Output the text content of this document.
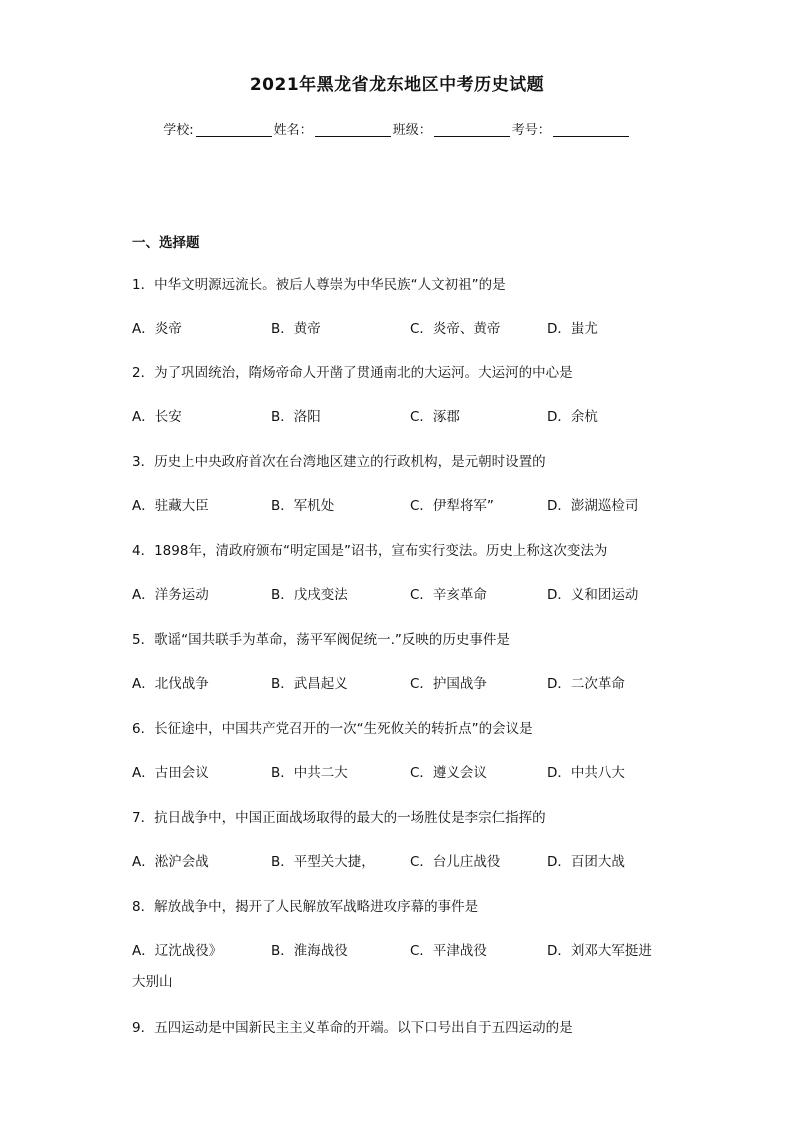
2021年黑龙省龙东地区中考历史试题
学校:	姓名：	班级：	考号：
一、选择题
1．中华文明源远流长。被后人尊崇为中华民族“人文初祖”的是
A．炎帝	B．黄帝	C．炎帝、黄帝	D．蚩尤
2．为了巩固统治，隋炀帝命人开凿了贯通南北的大运河。大运河的中心是
A．长安	B．洛阳	C．涿郡	D．余杭
3．历史上中央政府首次在台湾地区建立的行政机构，是元朝时设置的
A．驻藏大臣	B．军机处	C．伊犁将军”	D．澎湖巡检司
4．1898年，清政府颁布“明定国是”诏书，宣布实行变法。历史上称这次变法为
A．洋务运动	B．戊戌变法	C．辛亥革命	D．义和团运动
5．歌谣“国共联手为革命，荡平军阀促统一.”反映的历史事件是
A．北伐战争	B．武昌起义	C．护国战争	D．二次革命
6．长征途中，中国共产党召开的一次“生死攸关的转折点”的会议是
A．古田会议	B．中共二大	C．遵义会议	D．中共八大
7．抗日战争中，中国正面战场取得的最大的一场胜仗是李宗仁指挥的
A．淞沪会战	B．平型关大捷，	C．台儿庄战役	D．百团大战
8．解放战争中，揭开了人民解放军战略进攻序幕的事件是
A．辽沈战役》	B．淮海战役	C．平津战役	D．刘邓大军挺进
大别山
9．五四运动是中国新民主主义革命的开端。以下口号出自于五四运动的是
